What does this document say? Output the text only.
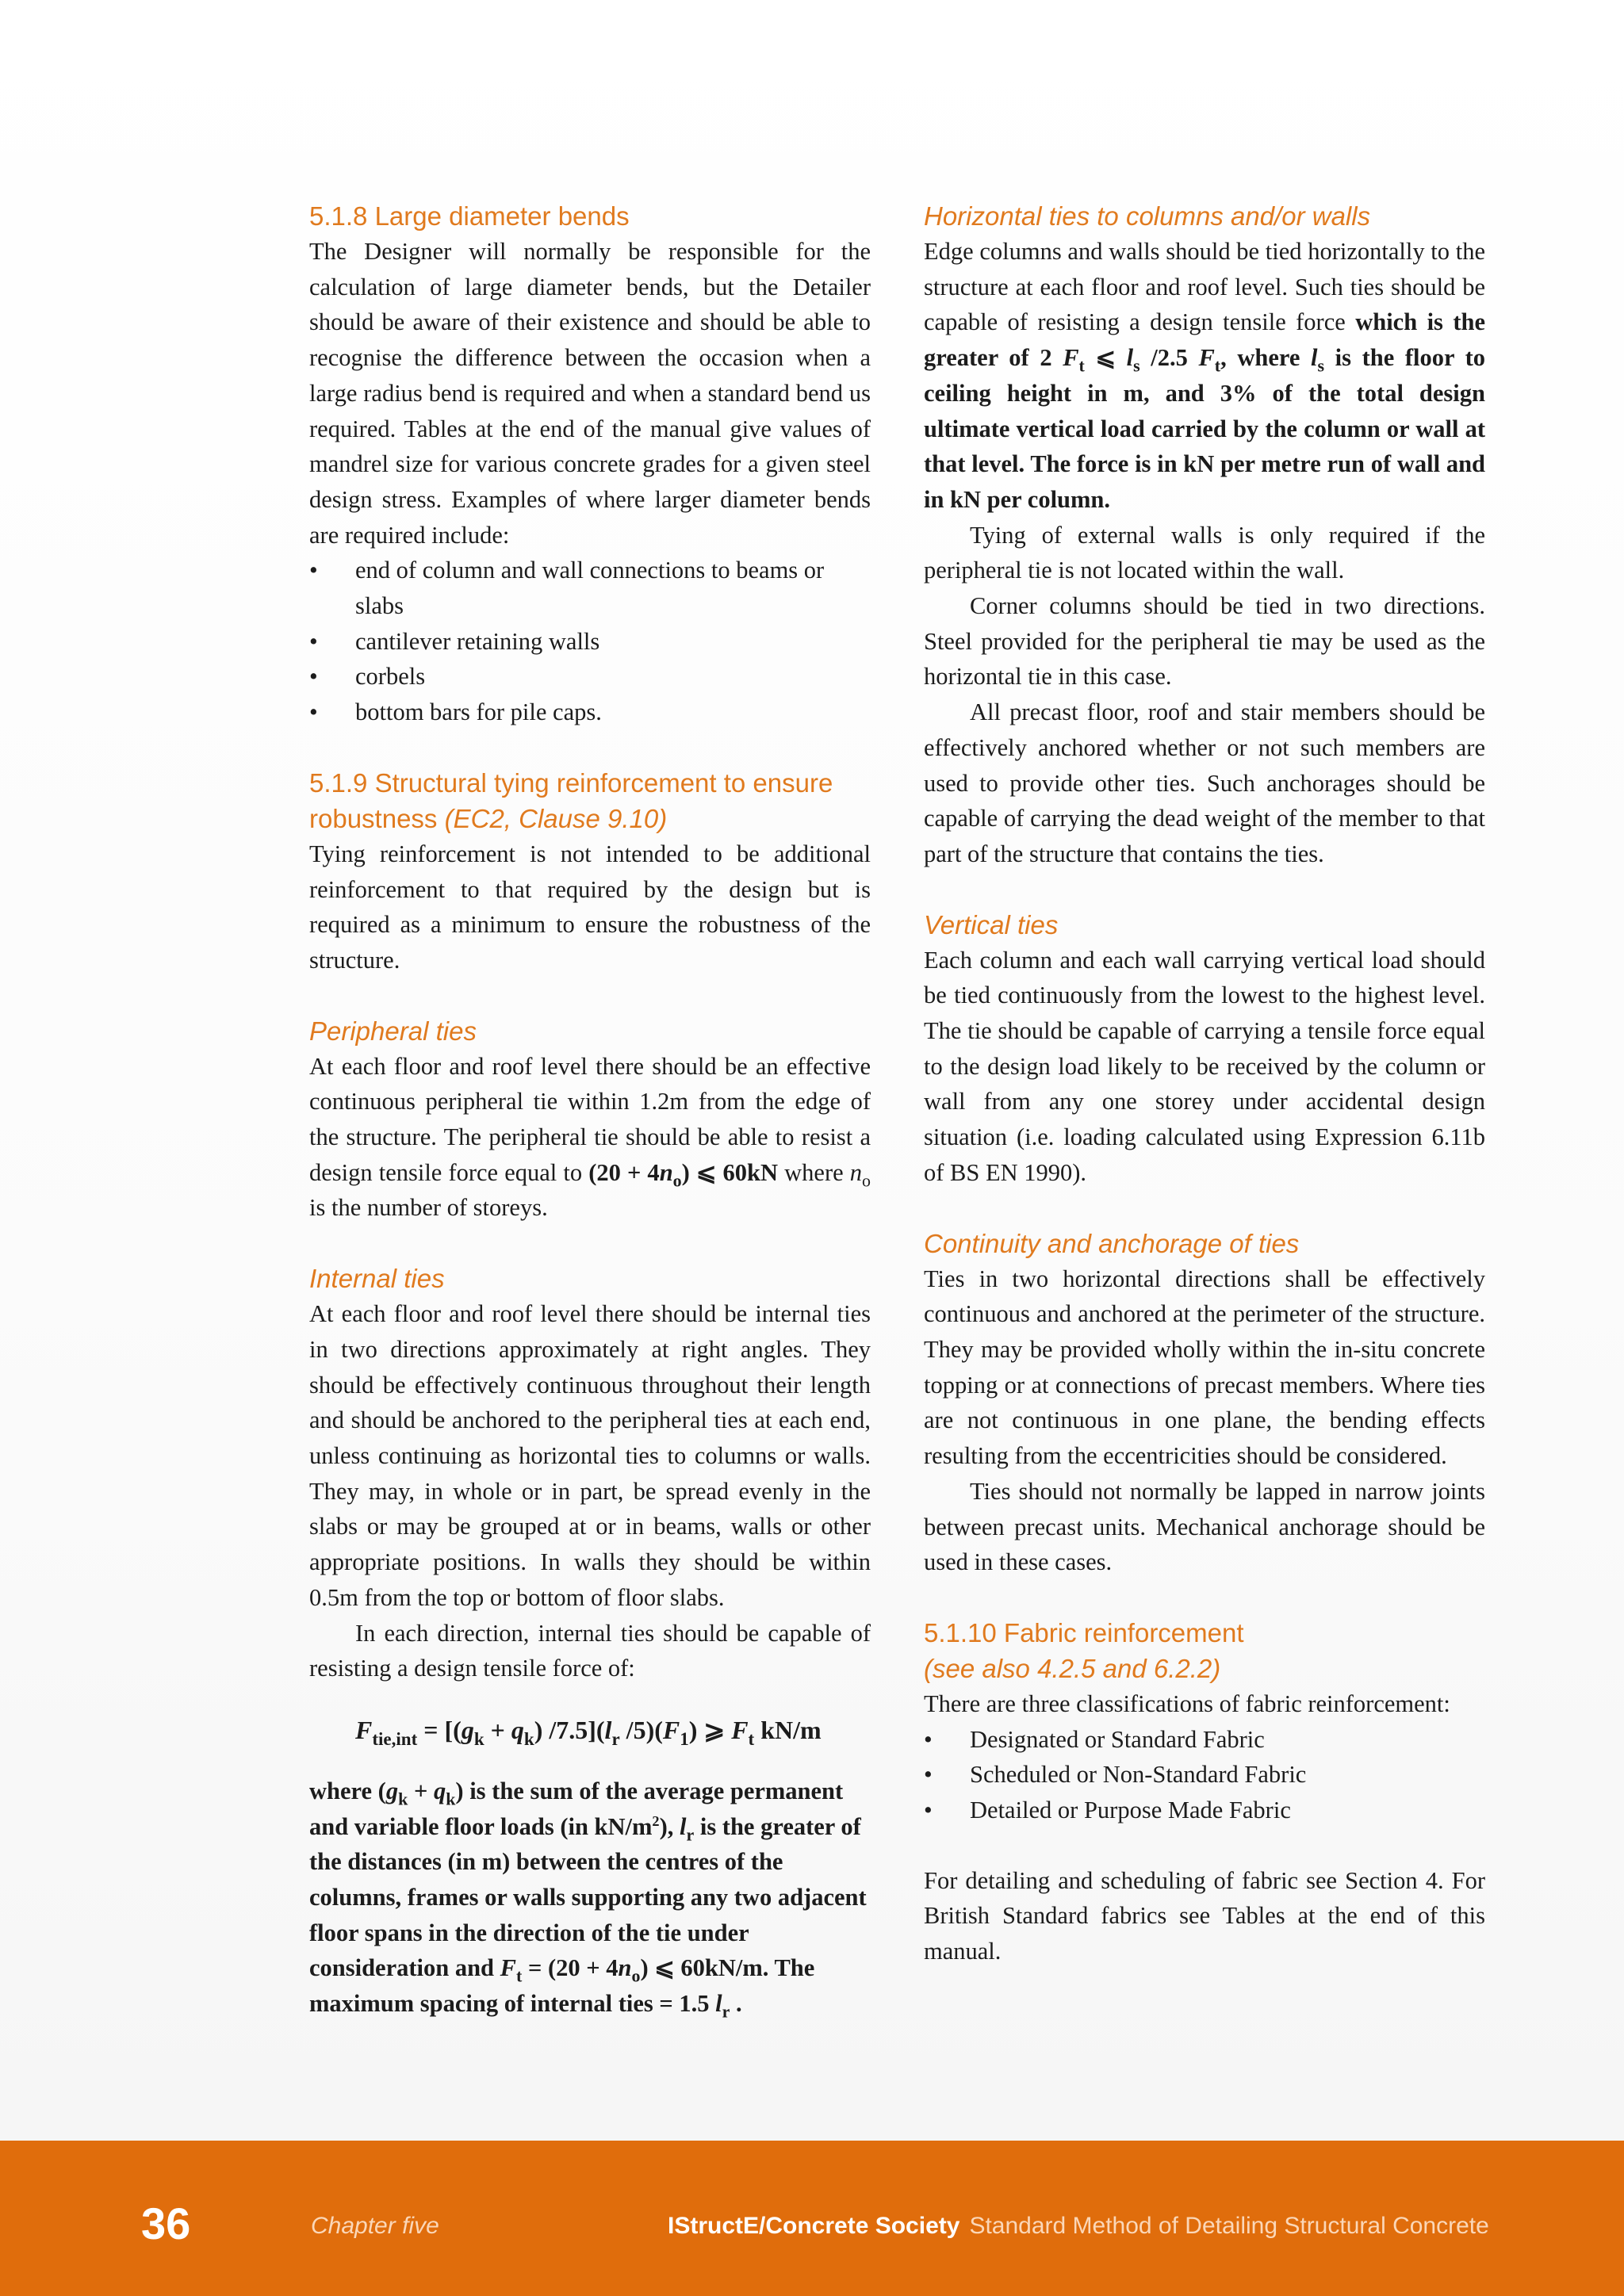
5.1.8 Large diameter bends

The Designer will normally be responsible for the calculation of large diameter bends, but the Detailer should be aware of their existence and should be able to recognise the difference between the occasion when a large radius bend is required and when a standard bend us required. Tables at the end of the manual give values of mandrel size for various concrete grades for a given steel design stress. Examples of where larger diameter bends are required include:

• end of column and wall connections to beams or slabs
• cantilever retaining walls
• corbels
• bottom bars for pile caps.
5.1.9 Structural tying reinforcement to ensure robustness (EC2, Clause 9.10)

Tying reinforcement is not intended to be additional reinforcement to that required by the design but is required as a minimum to ensure the robustness of the structure.

Peripheral ties

At each floor and roof level there should be an effective continuous peripheral tie within 1.2m from the edge of the structure. The peripheral tie should be able to resist a design tensile force equal to $(20 + 4n_o)$ ⩽ 60kN where $n_o$ is the number of storeys.

Internal ties

At each floor and roof level there should be internal ties in two directions approximately at right angles. They should be effectively continuous throughout their length and should be anchored to the peripheral ties at each end, unless continuing as horizontal ties to columns or walls. They may, in whole or in part, be spread evenly in the slabs or may be grouped at or in beams, walls or other appropriate positions. In walls they should be within 0.5m from the top or bottom of floor slabs.

In each direction, internal ties should be capable of resisting a design tensile force of:

$F_{tie,int} = [(g_k + q_k)$ $/7.5](l_r$ $/5)(F_1)$ ⩾ $F_t$ kN/m

where $(g_k + q_k)$ is the sum of the average permanent and variable floor loads (in $kN/m^2$), $l_r$ is the greater of the distances (in m) between the centres of the columns, frames or walls supporting any two adjacent floor spans in the direction of the tie under consideration and $F_t = (20 + 4n_o)$ ⩽ 60kN/m. The maximum spacing of internal ties = 1.5 $l_r$ .

Horizontal ties to columns and/or walls

Edge columns and walls should be tied horizontally to the structure at each floor and roof level. Such ties should be capable of resisting a design tensile force which is the greater of 2 $F_t$ ⩽ $l_s$ /2.5 $F_t$, where $l_s$ is the floor to ceiling height in m, and 3% of the total design ultimate vertical load carried by the column or wall at that level. The force is in kN per metre run of wall and in kN per column.

Tying of external walls is only required if the peripheral tie is not located within the wall.

Corner columns should be tied in two directions. Steel provided for the peripheral tie may be used as the horizontal tie in this case.

All precast floor, roof and stair members should be effectively anchored whether or not such members are used to provide other ties. Such anchorages should be capable of carrying the dead weight of the member to that part of the structure that contains the ties.

Vertical ties

Each column and each wall carrying vertical load should be tied continuously from the lowest to the highest level. The tie should be capable of carrying a tensile force equal to the design load likely to be received by the column or wall from any one storey under accidental design situation (i.e. loading calculated using Expression 6.11b of BS EN 1990).

Continuity and anchorage of ties

Ties in two horizontal directions shall be effectively continuous and anchored at the perimeter of the structure. They may be provided wholly within the in-situ concrete topping or at connections of precast members. Where ties are not continuous in one plane, the bending effects resulting from the eccentricities should be considered.

Ties should not normally be lapped in narrow joints between precast units. Mechanical anchorage should be used in these cases.

5.1.10 Fabric reinforcement
(see also 4.2.5 and 6.2.2)

There are three classifications of fabric reinforcement:

• Designated or Standard Fabric
• Scheduled or Non-Standard Fabric
• Detailed or Purpose Made Fabric

For detailing and scheduling of fabric see Section 4. For British Standard fabrics see Tables at the end of this manual.

36	Chapter five	IStructE/Concrete Society Standard Method of Detailing Structural Concrete
